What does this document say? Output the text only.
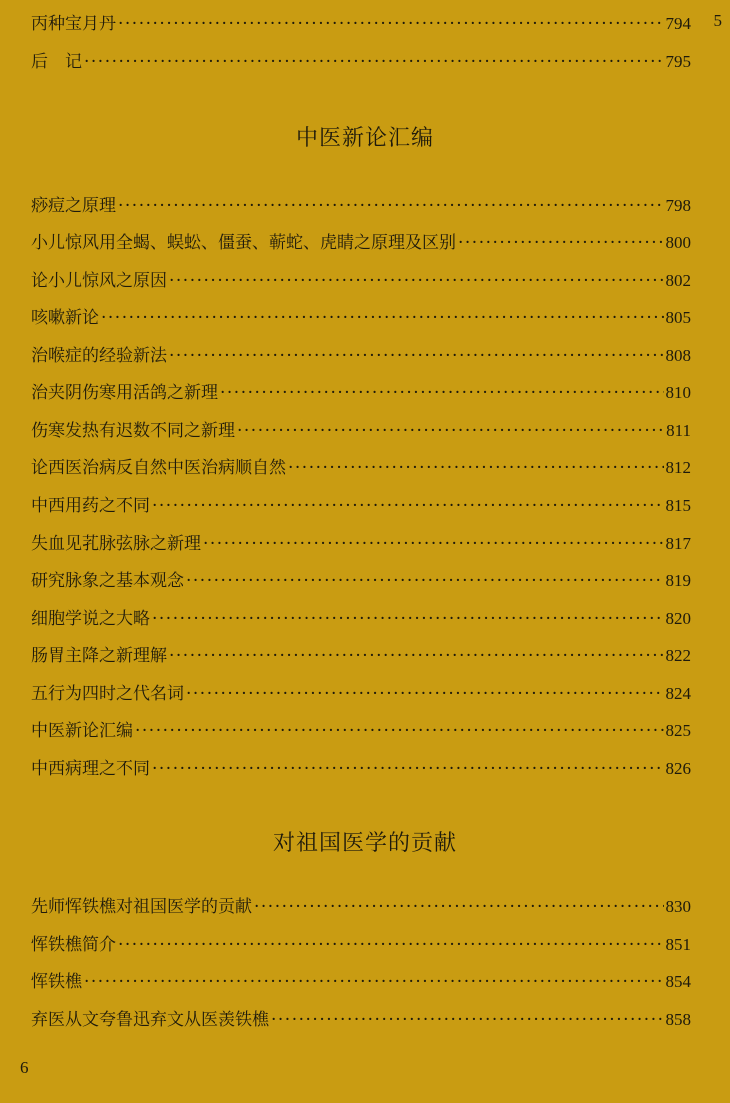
5
丙种宝月丹 ·····	794
后　记 ·····	795
中医新论汇编
痧痘之原理 ·····	798
小儿惊风用全蝎、蜈蚣、僵蚕、蕲蛇、虎睛之原理及区别 ·····	800
论小儿惊风之原因 ·····	802
咳嗽新论 ·····	805
治喉症的经验新法 ·····	808
治夹阴伤寒用活鸽之新理 ·····	810
伤寒发热有迟数不同之新理 ·····	811
论西医治病反自然中医治病顺自然 ·····	812
中西用药之不同 ·····	815
失血见芤脉弦脉之新理 ·····	817
研究脉象之基本观念 ·····	819
细胞学说之大略 ·····	820
肠胃主降之新理解 ·····	822
五行为四时之代名词 ·····	824
中医新论汇编 ·····	825
中西病理之不同 ·····	826
对祖国医学的贡献
先师恽铁樵对祖国医学的贡献 ·····	830
恽铁樵简介 ·····	851
恽铁樵 ·····	854
弃医从文夸鲁迅弃文从医羡铁樵 ·····	858
6
